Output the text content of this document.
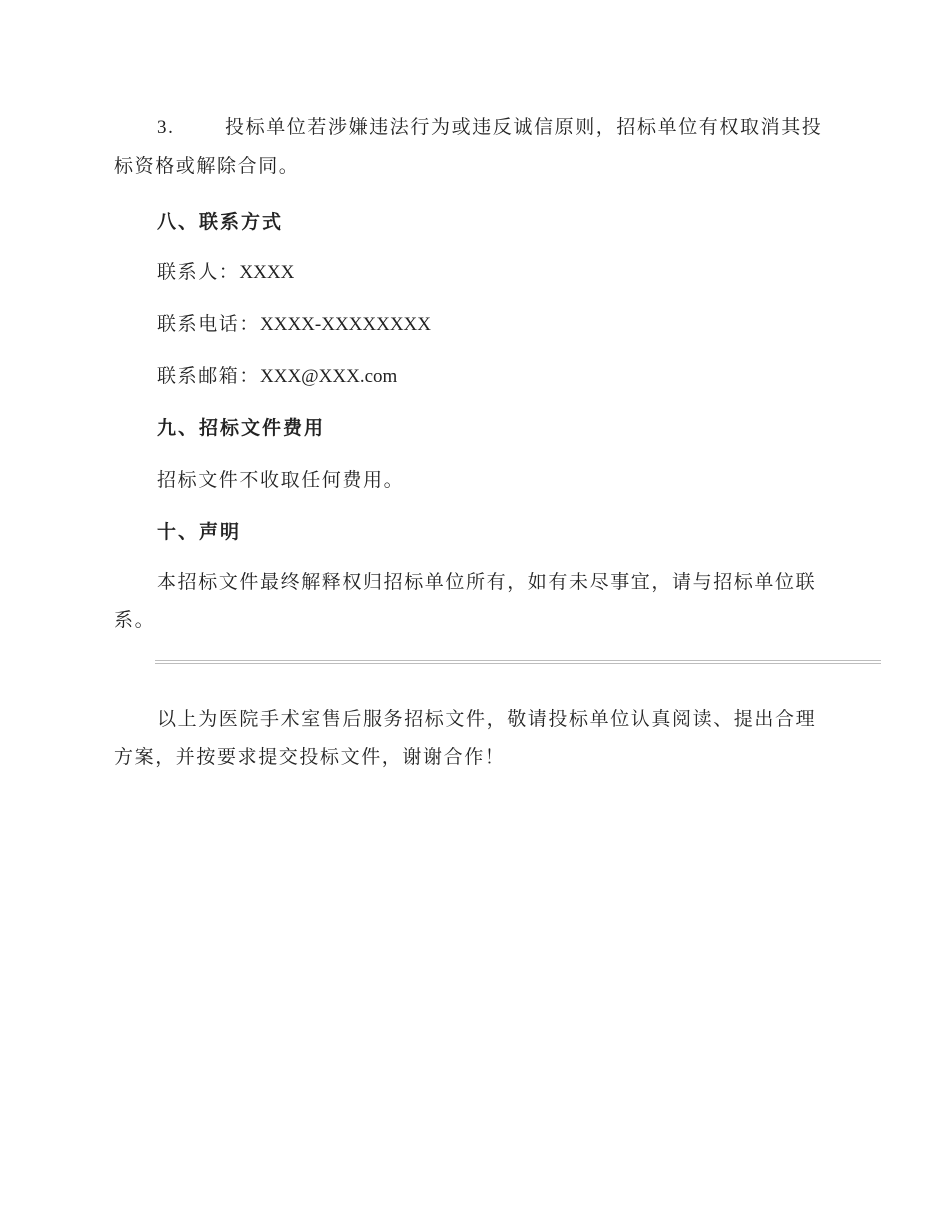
3.	投标单位若涉嫌违法行为或违反诚信原则，招标单位有权取消其投标资格或解除合同。
八、联系方式
联系人：XXXX
联系电话：XXXX-XXXXXXXX
联系邮箱：XXX@XXX.com
九、招标文件费用
招标文件不收取任何费用。
十、声明
本招标文件最终解释权归招标单位所有，如有未尽事宜，请与招标单位联系。
以上为医院手术室售后服务招标文件，敬请投标单位认真阅读、提出合理方案，并按要求提交投标文件，谢谢合作！
